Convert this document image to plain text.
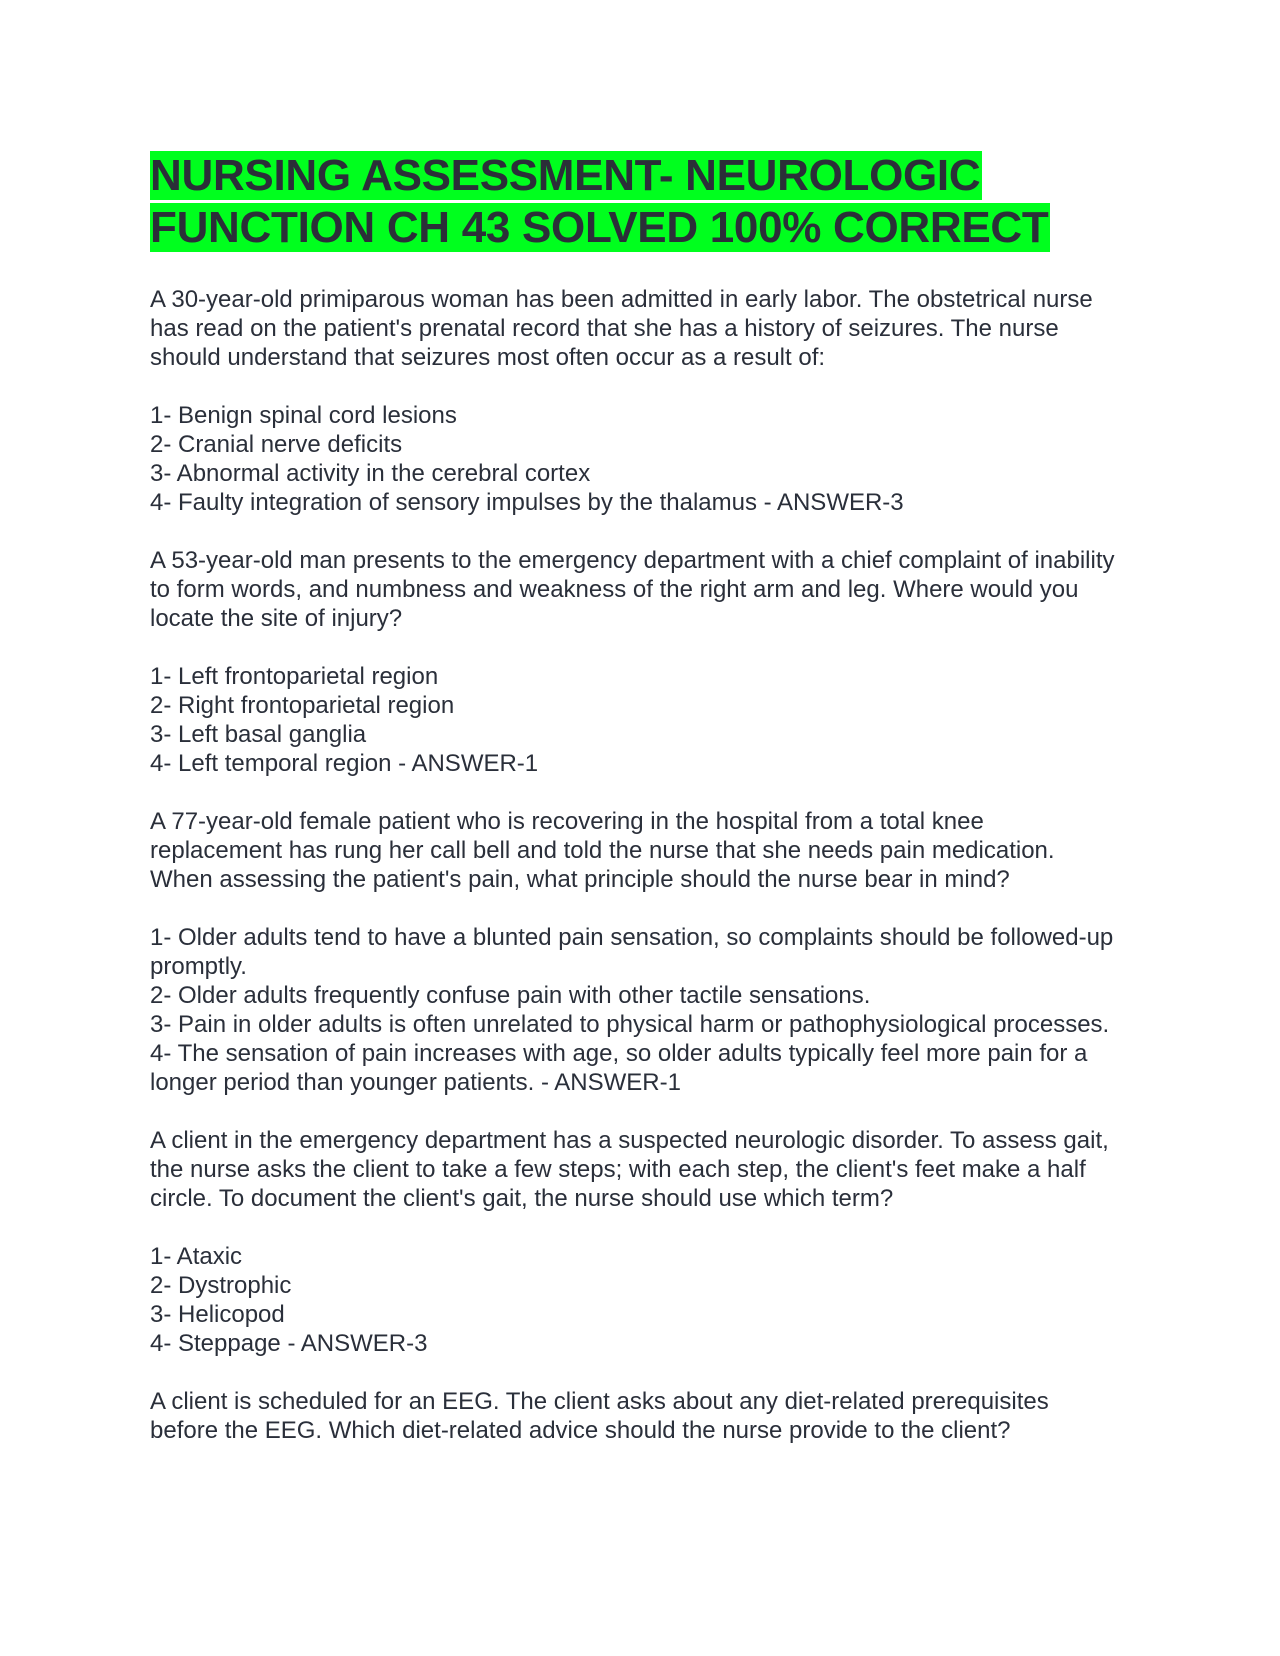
NURSING ASSESSMENT- NEUROLOGIC FUNCTION CH 43 SOLVED 100% CORRECT

A 30-year-old primiparous woman has been admitted in early labor. The obstetrical nurse has read on the patient's prenatal record that she has a history of seizures. The nurse should understand that seizures most often occur as a result of:

1- Benign spinal cord lesions
2- Cranial nerve deficits
3- Abnormal activity in the cerebral cortex
4- Faulty integration of sensory impulses by the thalamus - ANSWER-3

A 53-year-old man presents to the emergency department with a chief complaint of inability to form words, and numbness and weakness of the right arm and leg. Where would you locate the site of injury?

1- Left frontoparietal region
2- Right frontoparietal region
3- Left basal ganglia
4- Left temporal region - ANSWER-1

A 77-year-old female patient who is recovering in the hospital from a total knee replacement has rung her call bell and told the nurse that she needs pain medication. When assessing the patient's pain, what principle should the nurse bear in mind?

1- Older adults tend to have a blunted pain sensation, so complaints should be followed-up promptly.
2- Older adults frequently confuse pain with other tactile sensations.
3- Pain in older adults is often unrelated to physical harm or pathophysiological processes.
4- The sensation of pain increases with age, so older adults typically feel more pain for a longer period than younger patients. - ANSWER-1

A client in the emergency department has a suspected neurologic disorder. To assess gait, the nurse asks the client to take a few steps; with each step, the client's feet make a half circle. To document the client's gait, the nurse should use which term?

1- Ataxic
2- Dystrophic
3- Helicopod
4- Steppage - ANSWER-3

A client is scheduled for an EEG. The client asks about any diet-related prerequisites before the EEG. Which diet-related advice should the nurse provide to the client?
